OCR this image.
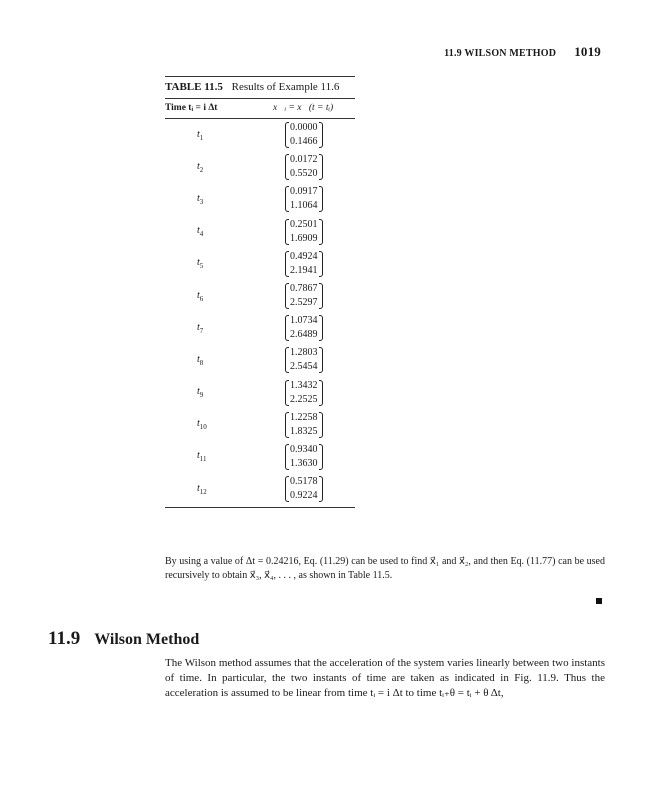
11.9 WILSON METHOD 1019
TABLE 11.5 Results of Example 11.6
Time tᵢ = i Δt	x⃗ᵢ = x⃗(t = tᵢ)
$t_1$
0.0000
0.1466
$t_2$
0.0172
0.5520
$t_3$
0.0917
1.1064
$t_4$
0.2501
1.6909
$t_5$
0.4924
2.1941
$t_6$
0.7867
2.5297
$t_7$
1.0734
2.6489
$t_8$
1.2803
2.5454
$t_9$
1.3432
2.2525
$t_{10}$
1.2258
1.8325
$t_{11}$
0.9340
1.3630
$t_{12}$
0.5178
0.9224
By using a value of Δt = 0.24216, Eq. (11.29) can be used to find x⃗₁ and x⃗₂, and then Eq. (11.77) can be used recursively to obtain x⃗₃, x⃗₄, . . . , as shown in Table 11.5.
11.9 Wilson Method
The Wilson method assumes that the acceleration of the system varies linearly between two instants of time. In particular, the two instants of time are taken as indicated in Fig. 11.9. Thus the acceleration is assumed to be linear from time tᵢ = i Δt to time tᵢ₊θ = tᵢ + θ Δt,
